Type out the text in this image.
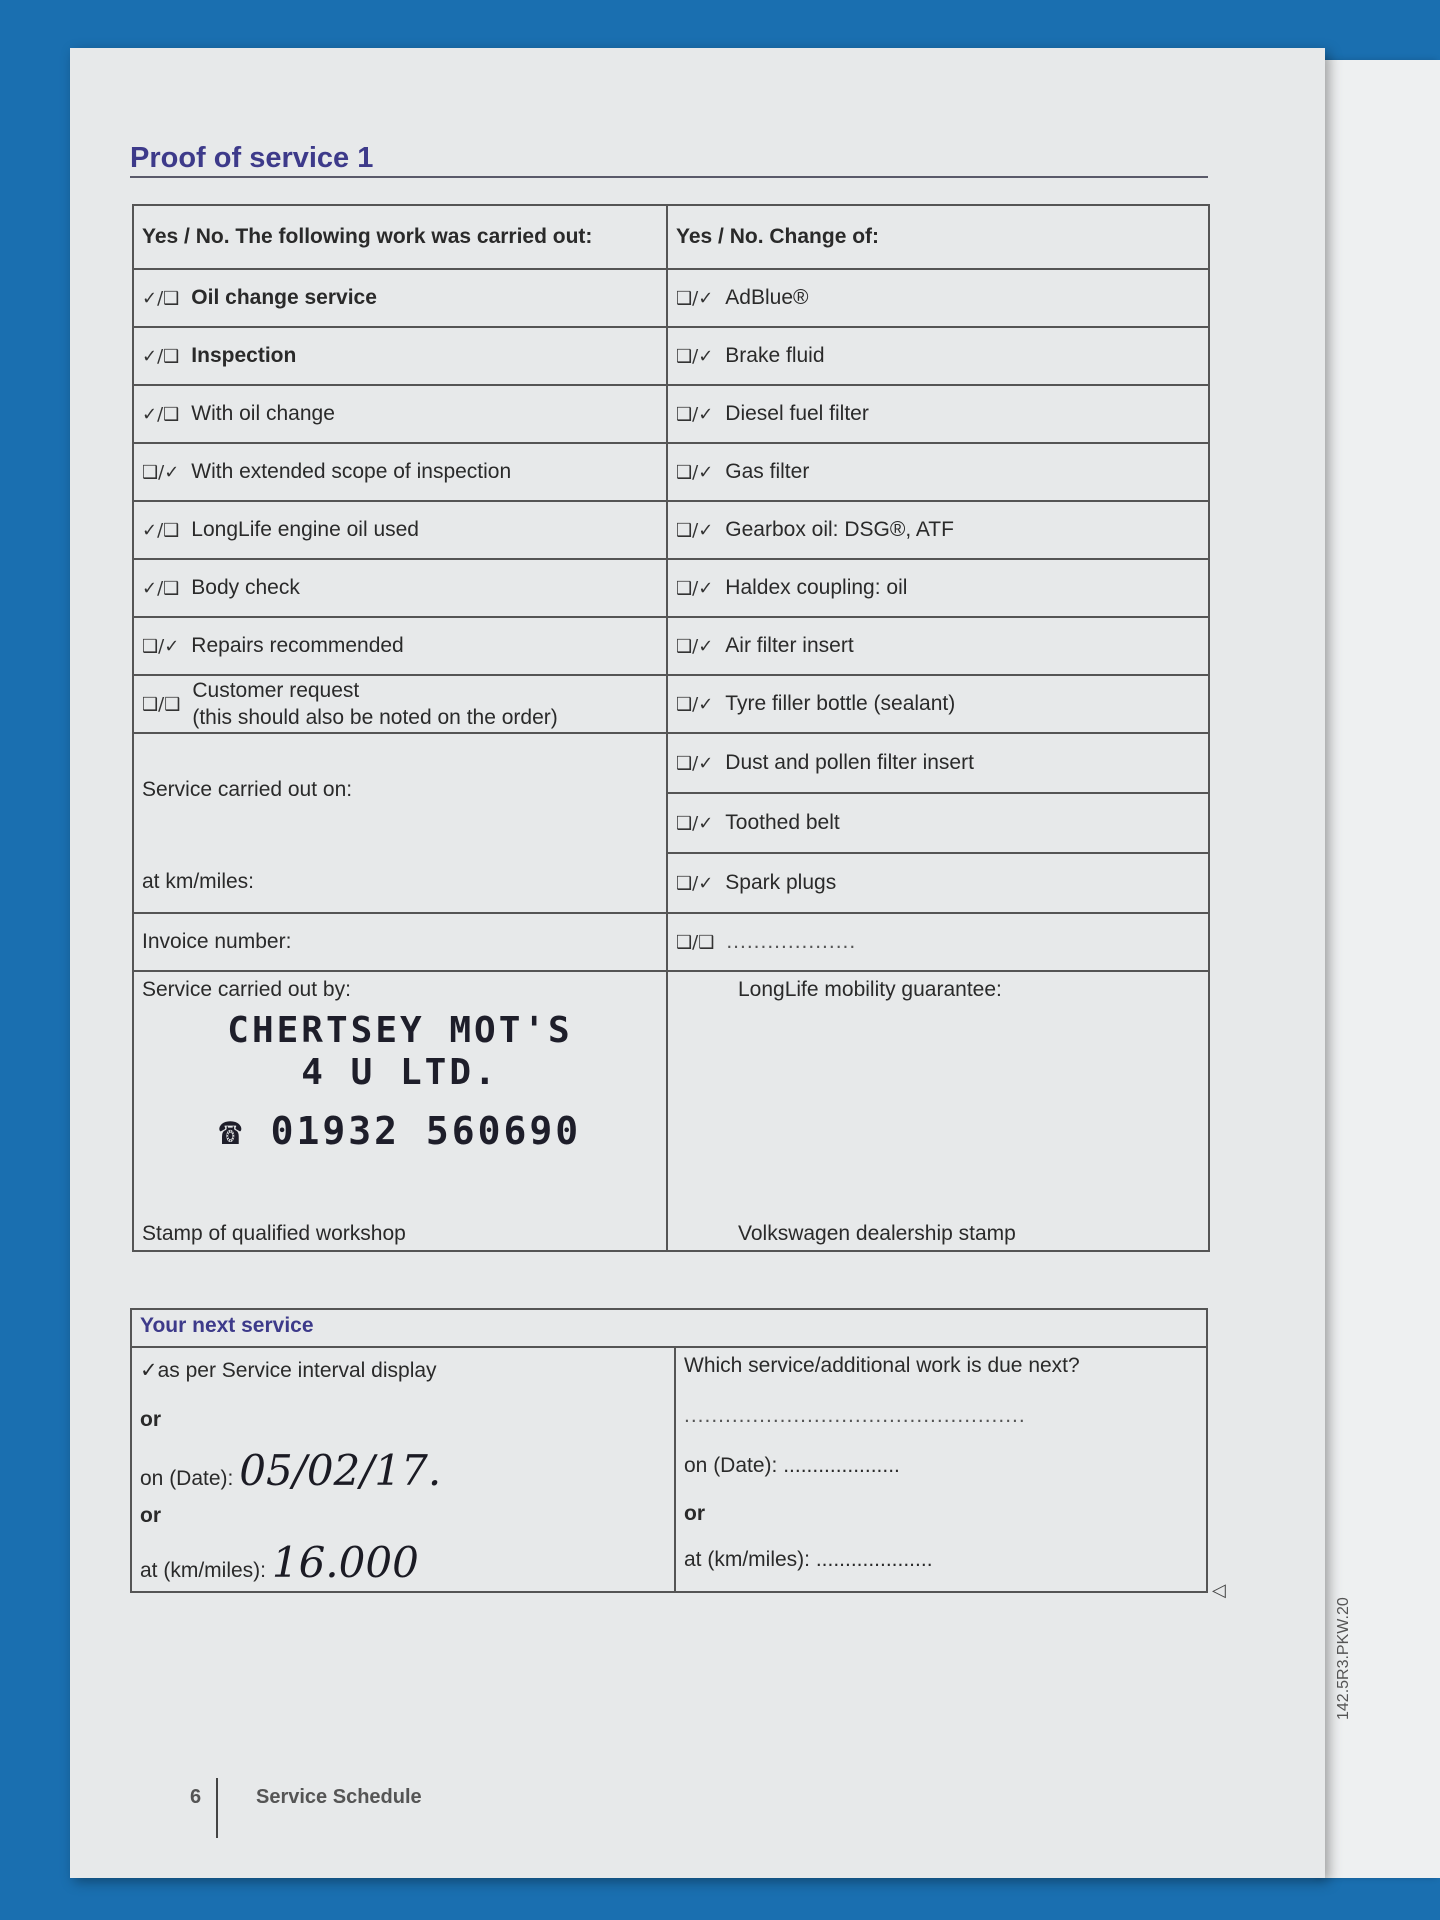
142.5R3.PKW.20
Proof of service 1
Yes / No. The following work was carried out:	Yes / No. Change of:
✓/❑ Oil change service	❑/✓ AdBlue®
✓/❑ Inspection	❑/✓ Brake fluid
✓/❑ With oil change	❑/✓ Diesel fuel filter
❑/✓ With extended scope of inspection	❑/✓ Gas filter
✓/❑ LongLife engine oil used	❑/✓ Gearbox oil: DSG®, ATF
✓/❑ Body check	❑/✓ Haldex coupling: oil
❑/✓ Repairs recommended	❑/✓ Air filter insert
❑/❑Customer request
(this should also be noted on the order)	❑/✓ Tyre filler bottle (sealant)

Service carried out on:
at km/miles:	❑/✓ Dust and pollen filter insert
	❑/✓ Toothed belt
	❑/✓ Spark plugs
Invoice number:	❑/❑ ...................

Service carried out by:
CHERTSEY MOT'S
4 U LTD.
☎ 01932 560690
Stamp of qualified workshop	LongLife mobility guarantee:
Volkswagen dealership stamp
Your next service

✓as per Service interval display
or
on (Date): 05/02/17.
or
at (km/miles): 16.000

Which service/additional work is due next?
..................................................
on (Date): ....................
or
at (km/miles): ....................
◁
6	Service Schedule
